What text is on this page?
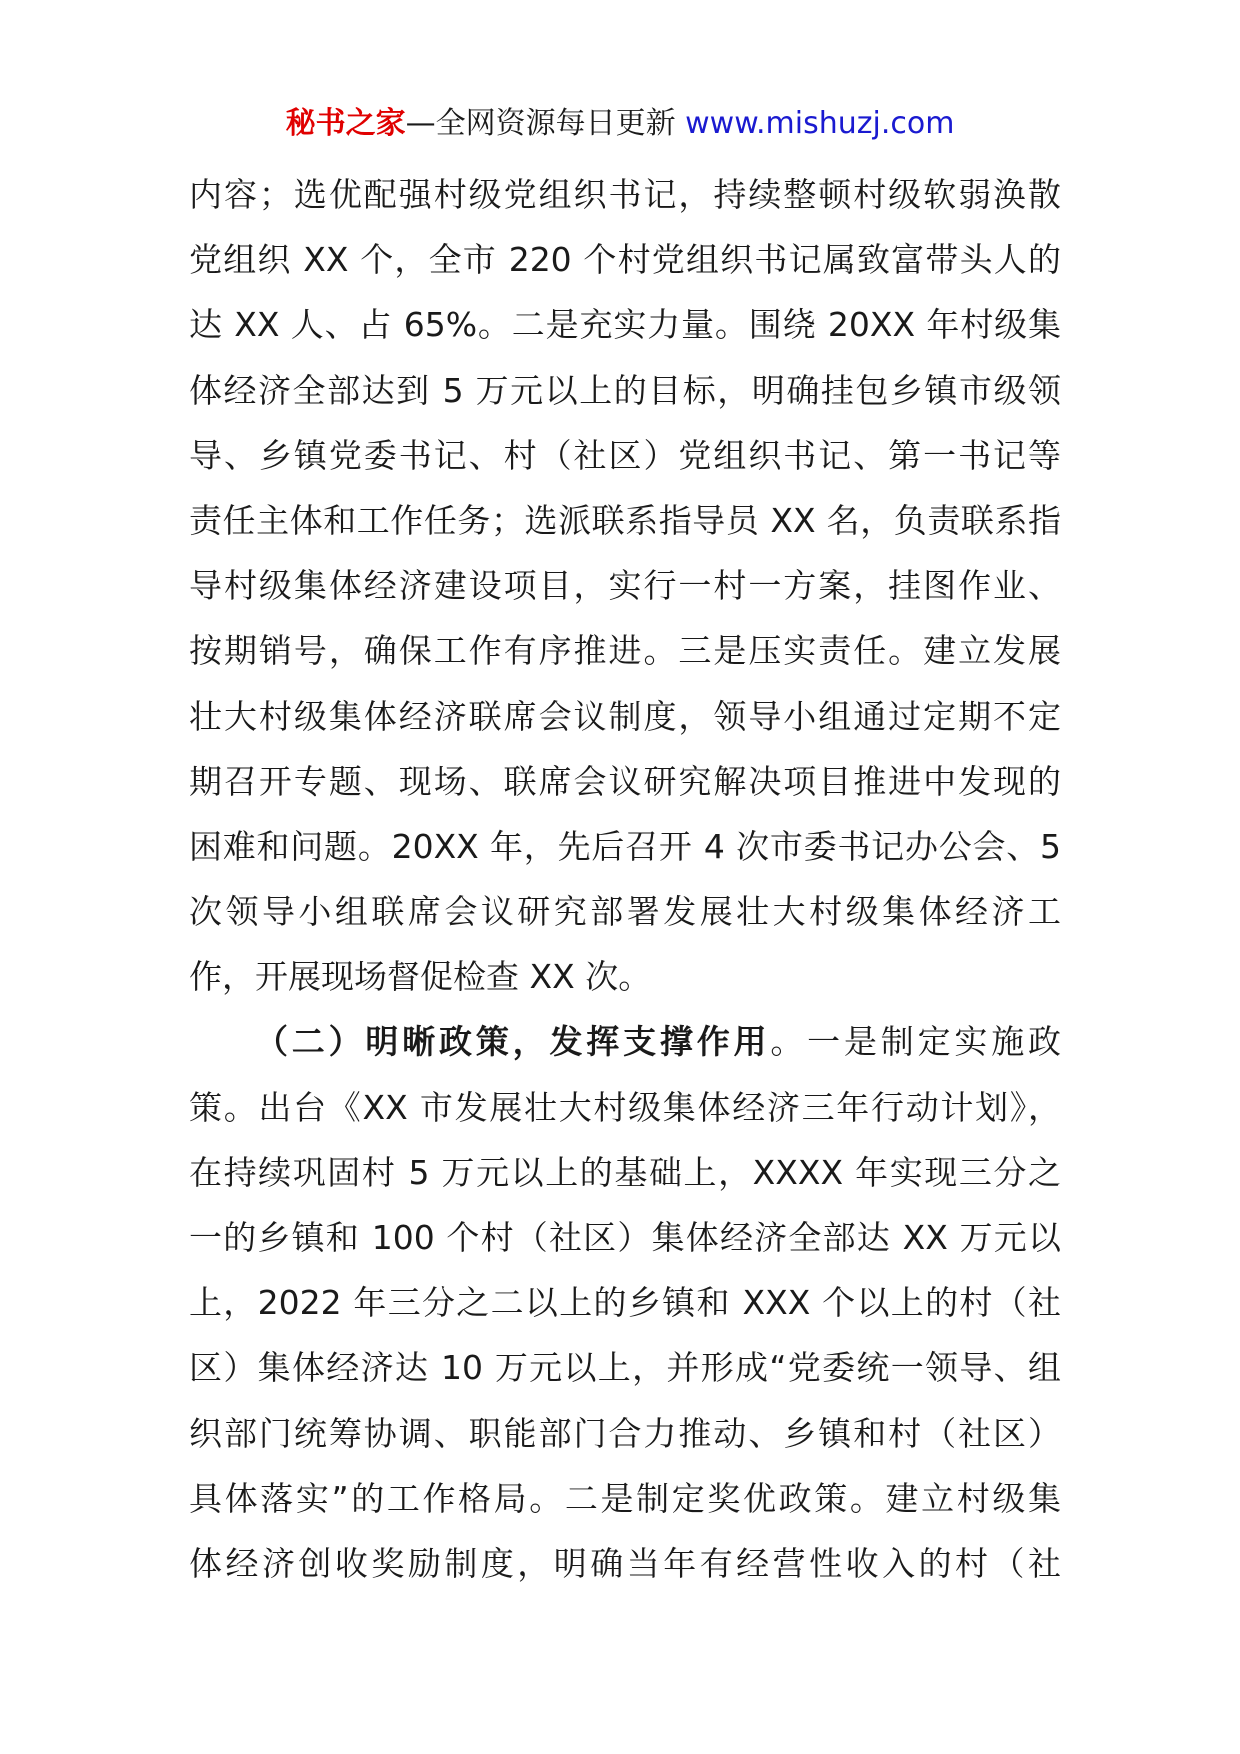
秘书之家—全网资源每日更新 www.mishuzj.com
内容；选优配强村级党组织书记，持续整顿村级软弱涣散
党组织 XX 个，全市 220 个村党组织书记属致富带头人的
达 XX 人、占 65%。二是充实力量。围绕 20XX 年村级集
体经济全部达到 5 万元以上的目标，明确挂包乡镇市级领
导、乡镇党委书记、村（社区）党组织书记、第一书记等
责任主体和工作任务；选派联系指导员 XX 名，负责联系指
导村级集体经济建设项目，实行一村一方案，挂图作业、
按期销号，确保工作有序推进。三是压实责任。建立发展
壮大村级集体经济联席会议制度，领导小组通过定期不定
期召开专题、现场、联席会议研究解决项目推进中发现的
困难和问题。20XX 年，先后召开 4 次市委书记办公会、5
次领导小组联席会议研究部署发展壮大村级集体经济工
作，开展现场督促检查 XX 次。
（二）明晰政策，发挥支撑作用。一是制定实施政
策。出台《XX 市发展壮大村级集体经济三年行动计划》，
在持续巩固村 5 万元以上的基础上，XXXX 年实现三分之
一的乡镇和 100 个村（社区）集体经济全部达 XX 万元以
上，2022 年三分之二以上的乡镇和 XXX 个以上的村（社
区）集体经济达 10 万元以上，并形成“党委统一领导、组
织部门统筹协调、职能部门合力推动、乡镇和村（社区）
具体落实”的工作格局。二是制定奖优政策。建立村级集
体经济创收奖励制度，明确当年有经营性收入的村（社
